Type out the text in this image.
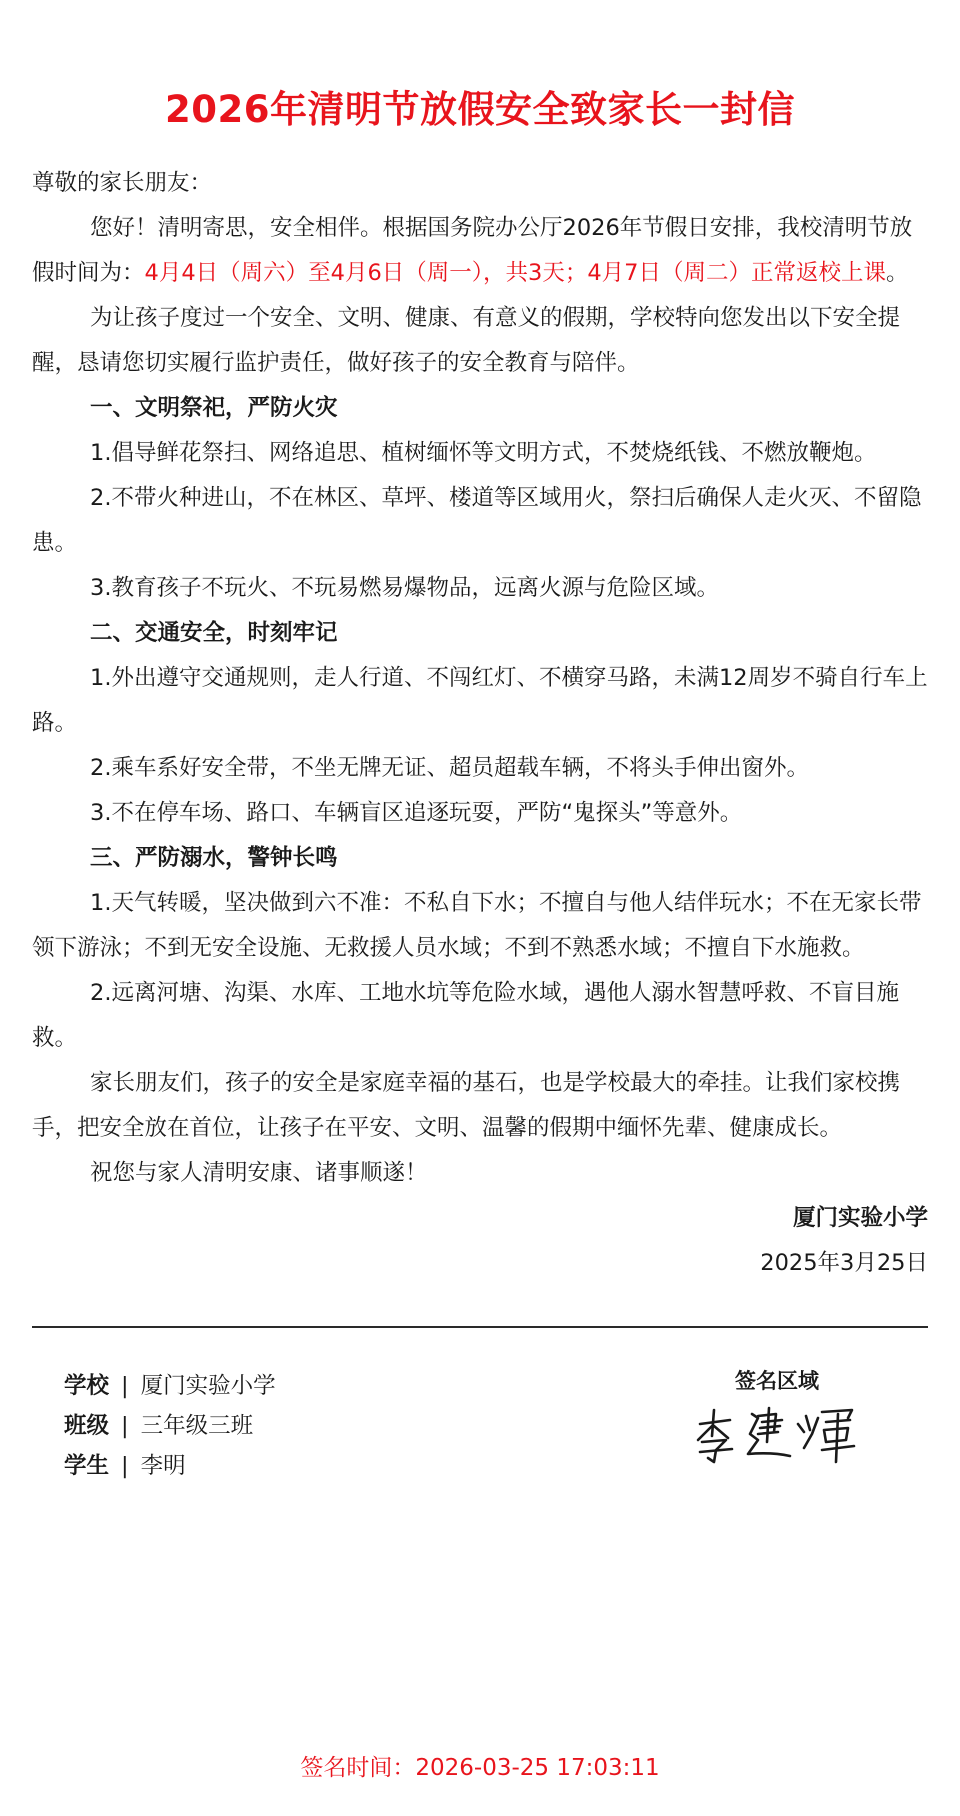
2026年清明节放假安全致家长一封信

尊敬的家长朋友：

您好！清明寄思，安全相伴。根据国务院办公厅2026年节假日安排，我校清明节放假时间为：4月4日（周六）至4月6日（周一），共3天；4月7日（周二）正常返校上课。

为让孩子度过一个安全、文明、健康、有意义的假期，学校特向您发出以下安全提醒，恳请您切实履行监护责任，做好孩子的安全教育与陪伴。

一、文明祭祀，严防火灾

1.倡导鲜花祭扫、网络追思、植树缅怀等文明方式，不焚烧纸钱、不燃放鞭炮。

2.不带火种进山，不在林区、草坪、楼道等区域用火，祭扫后确保人走火灭、不留隐患。

3.教育孩子不玩火、不玩易燃易爆物品，远离火源与危险区域。

二、交通安全，时刻牢记

1.外出遵守交通规则，走人行道、不闯红灯、不横穿马路，未满12周岁不骑自行车上路。

2.乘车系好安全带，不坐无牌无证、超员超载车辆，不将头手伸出窗外。

3.不在停车场、路口、车辆盲区追逐玩耍，严防“鬼探头”等意外。

三、严防溺水，警钟长鸣

1.天气转暖，坚决做到六不准：不私自下水；不擅自与他人结伴玩水；不在无家长带领下游泳；不到无安全设施、无救援人员水域；不到不熟悉水域；不擅自下水施救。

2.远离河塘、沟渠、水库、工地水坑等危险水域，遇他人溺水智慧呼救、不盲目施救。

家长朋友们，孩子的安全是家庭幸福的基石，也是学校最大的牵挂。让我们家校携手，把安全放在首位，让孩子在平安、文明、温馨的假期中缅怀先辈、健康成长。

祝您与家人清明安康、诸事顺遂！

厦门实验小学

2025年3月25日

学校 | 厦门实验小学
班级 | 三年级三班
学生 | 李明
签名区域
签名时间：2026-03-25 17:03:11
